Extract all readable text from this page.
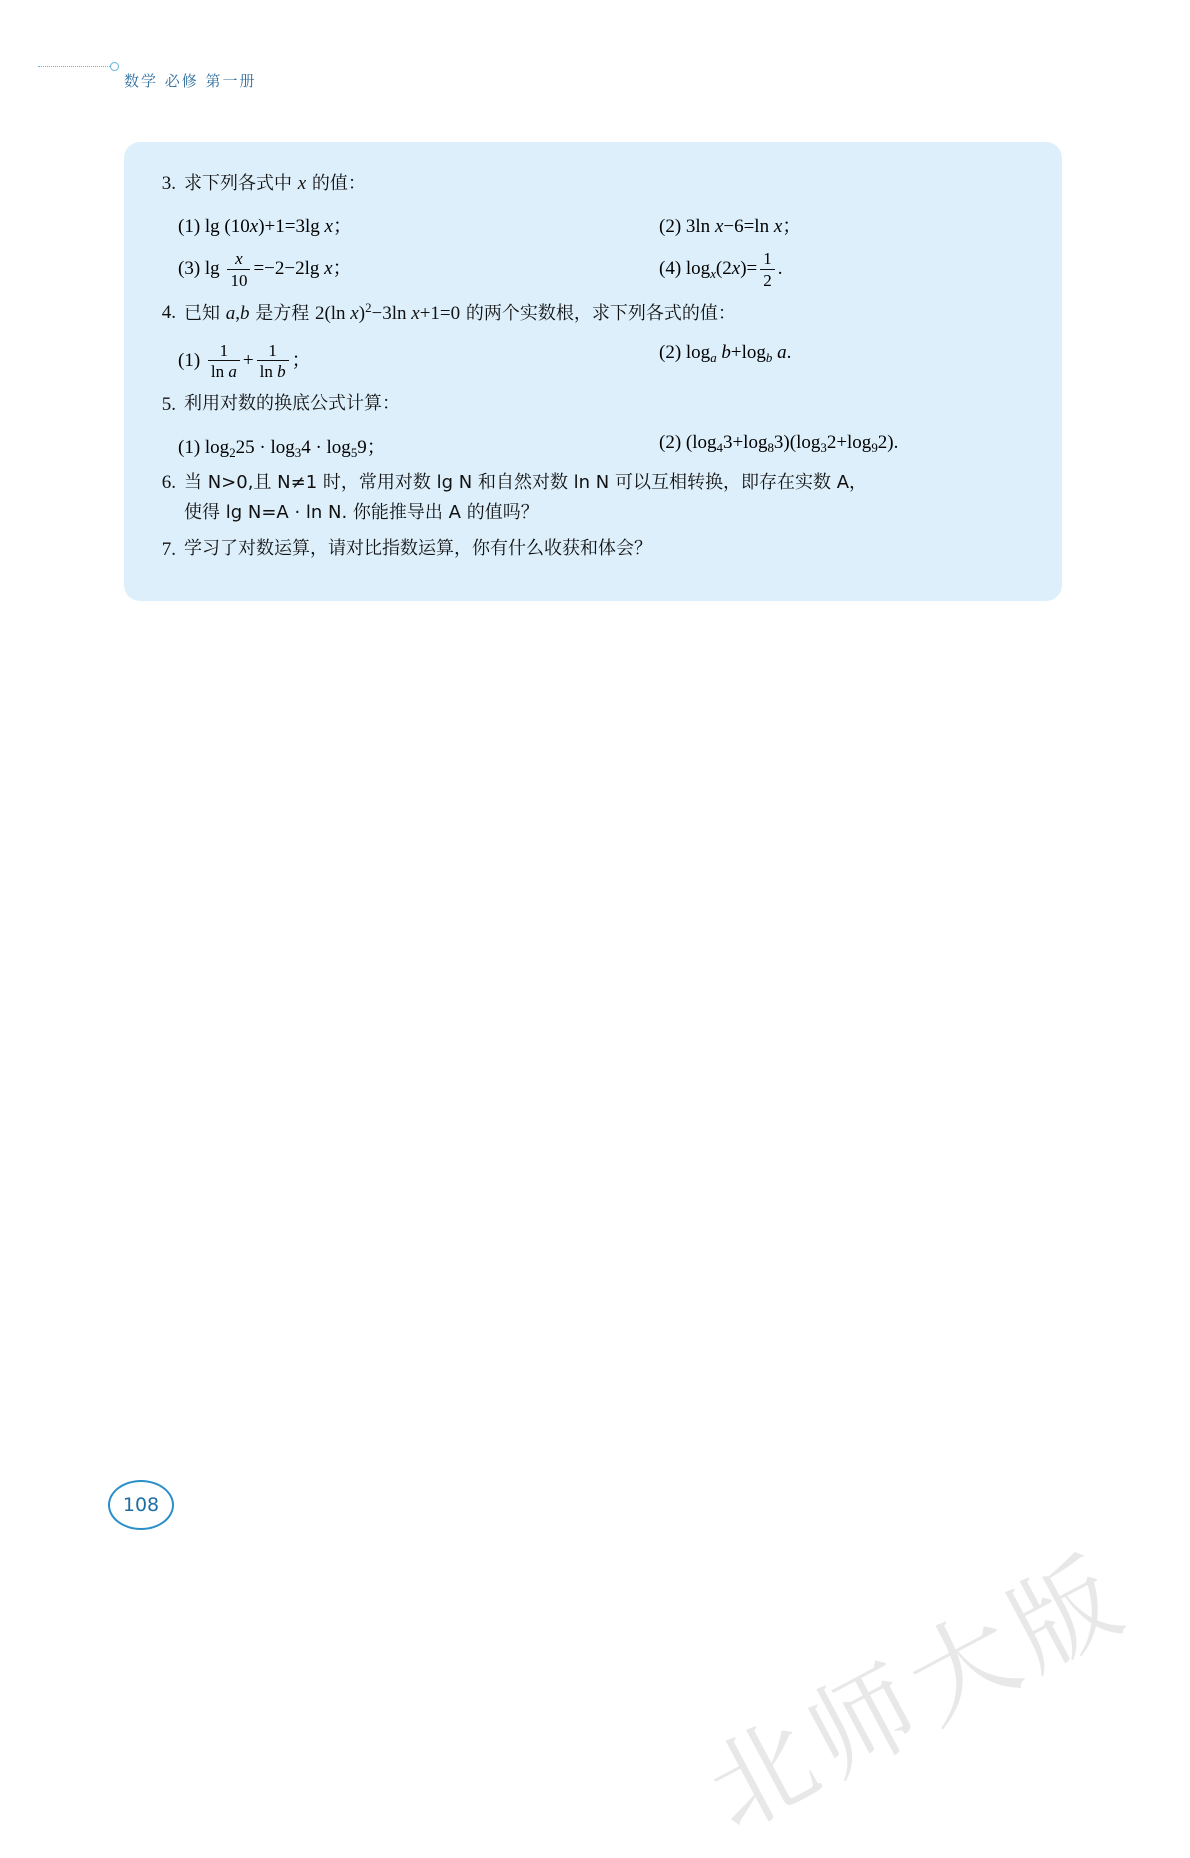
数学 必修 第一册
3. 求下列各式中 x 的值：
(1) lg (10x)+1=3lg x；	(2) 3ln x−6=ln x；
(3) $\lg \frac{x}{10} =-2-2\lg$ x；	(4) $\log_x(2x)= \frac{1}{2}$ .
4. 已知 a,b 是方程 2(ln x)$^2$−3ln x+1=0 的两个实数根，求下列各式的值：
$(1) \frac{1}{\text{ln a}} + \frac{1}{\text{ln b}}$ ；	(2) $\log_a b+\log_b$ a.
5. 利用对数的换底公式计算：
(1) $\log_225 \cdot \log_34 \cdot \log_59$；	(2) $(\log_43+\log_83)(\log_32+\log_92)$.
6. 当 N>0,且 N≠1 时，常用对数 lg N 和自然对数 ln N 可以互相转换，即存在实数 A，
使得 lg N=A · ln N. 你能推导出 A 的值吗？
7. 学习了对数运算，请对比指数运算，你有什么收获和体会？
108
北师大版
